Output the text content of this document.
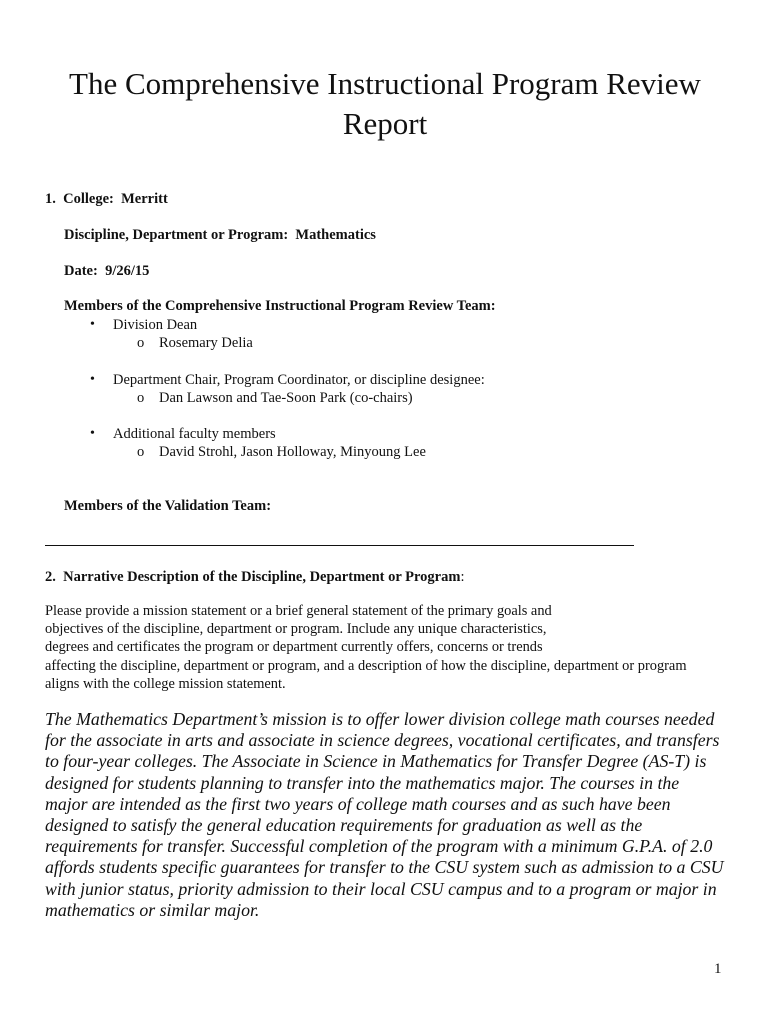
The Comprehensive Instructional Program Review
Report
1. College: Merritt
Discipline, Department or Program: Mathematics
Date: 9/26/15
Members of the Comprehensive Instructional Program Review Team:
• Division Dean
o Rosemary Delia
• Department Chair, Program Coordinator, or discipline designee:
o Dan Lawson and Tae-Soon Park (co-chairs)
• Additional faculty members
o David Strohl, Jason Holloway, Minyoung Lee
Members of the Validation Team:
2. Narrative Description of the Discipline, Department or Program:
Please provide a mission statement or a brief general statement of the primary goals and
objectives of the discipline, department or program. Include any unique characteristics,
degrees and certificates the program or department currently offers, concerns or trends
affecting the discipline, department or program, and a description of how the discipline, department or program
aligns with the college mission statement.
The Mathematics Department’s mission is to offer lower division college math courses needed
for the associate in arts and associate in science degrees, vocational certificates, and transfers
to four-year colleges. The Associate in Science in Mathematics for Transfer Degree (AS-T) is
designed for students planning to transfer into the mathematics major. The courses in the
major are intended as the first two years of college math courses and as such have been
designed to satisfy the general education requirements for graduation as well as the
requirements for transfer. Successful completion of the program with a minimum G.P.A. of 2.0
affords students specific guarantees for transfer to the CSU system such as admission to a CSU
with junior status, priority admission to their local CSU campus and to a program or major in
mathematics or similar major.
1
